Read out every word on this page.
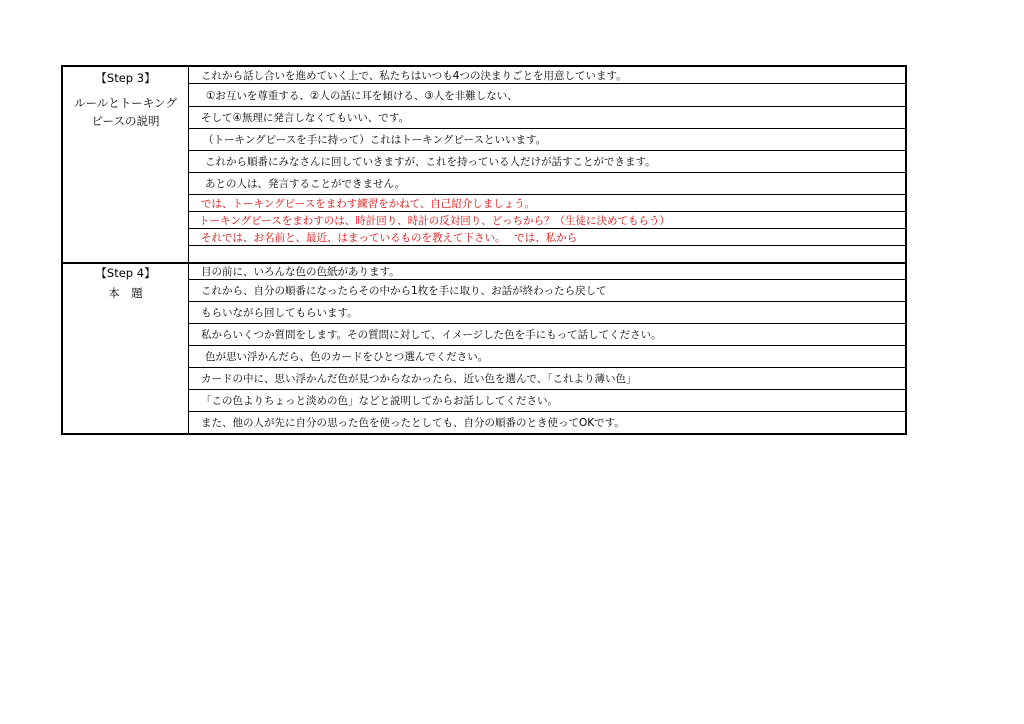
【Step 3】
ルールとトーキング
ピースの説明
これから話し合いを進めていく上で、私たちはいつも4つの決まりごとを用意しています。
①お互いを尊重する、②人の話に耳を傾ける、③人を非難しない、
そして④無理に発言しなくてもいい、です。
（トーキングピースを手に持って）これはトーキングピースといいます。
これから順番にみなさんに回していきますが、これを持っている人だけが話すことができます。
あとの人は、発言することができません。
では、トーキングピースをまわす練習をかねて、自己紹介しましょう。
トーキングピースをまわすのは、時計回り、時計の反対回り、どっちから？（生徒に決めてもらう）
それでは、お名前と、最近、はまっているものを教えて下さい。　 では、私から
【Step 4】
本　題
目の前に、いろんな色の色紙があります。
これから、自分の順番になったらその中から1枚を手に取り、お話が終わったら戻して
もらいながら回してもらいます。
私からいくつか質問をします。その質問に対して、イメージした色を手にもって話してください。
色が思い浮かんだら、色のカードをひとつ選んでください。
カードの中に、思い浮かんだ色が見つからなかったら、近い色を選んで、「これより薄い色」
「この色よりちょっと淡めの色」などと説明してからお話ししてください。
また、他の人が先に自分の思った色を使ったとしても、自分の順番のとき使ってOKです。
